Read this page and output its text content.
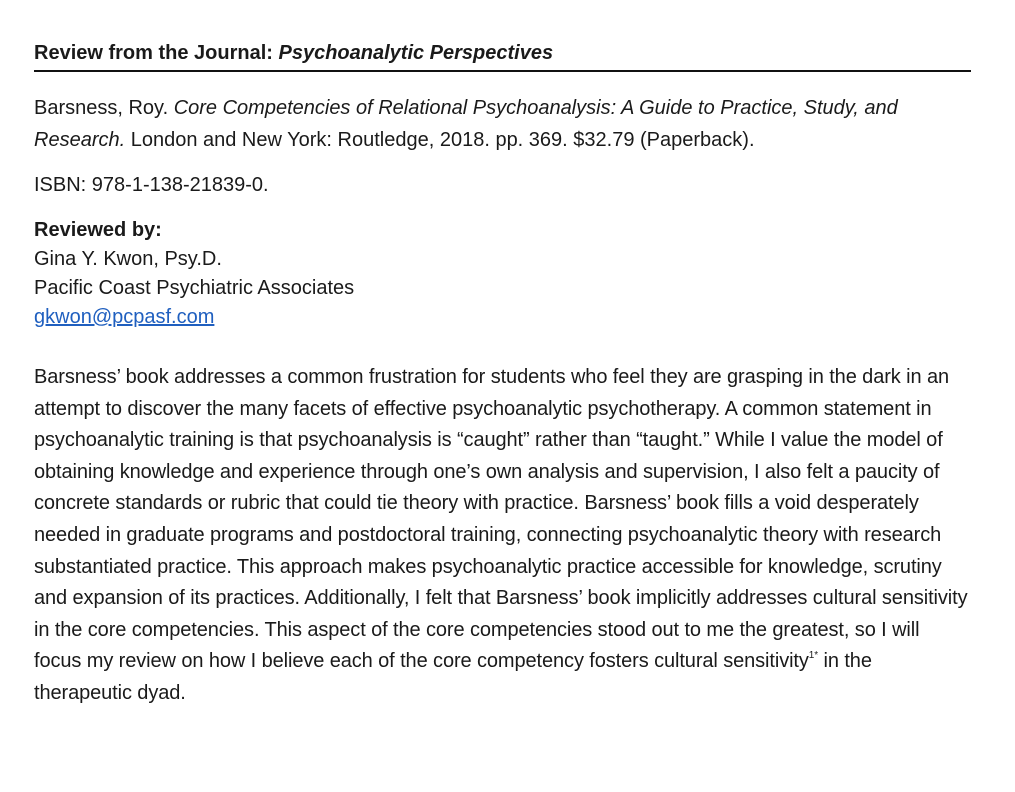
Review from the Journal: Psychoanalytic Perspectives
Barsness, Roy. Core Competencies of Relational Psychoanalysis: A Guide to Practice, Study, and Research. London and New York: Routledge, 2018. pp. 369. $32.79 (Paperback).
ISBN: 978-1-138-21839-0.
Reviewed by:
Gina Y. Kwon, Psy.D.
Pacific Coast Psychiatric Associates
gkwon@pcpasf.com
Barsness’ book addresses a common frustration for students who feel they are grasping in the dark in an attempt to discover the many facets of effective psychoanalytic psychotherapy. A common statement in psychoanalytic training is that psychoanalysis is “caught” rather than “taught.” While I value the model of obtaining knowledge and experience through one’s own analysis and supervision, I also felt a paucity of concrete standards or rubric that could tie theory with practice. Barsness’ book fills a void desperately needed in graduate programs and postdoctoral training, connecting psychoanalytic theory with research substantiated practice. This approach makes psychoanalytic practice accessible for knowledge, scrutiny and expansion of its practices. Additionally, I felt that Barsness’ book implicitly addresses cultural sensitivity in the core competencies. This aspect of the core competencies stood out to me the greatest, so I will focus my review on how I believe each of the core competency fosters cultural sensitivity$^{1*}$ in the therapeutic dyad.
